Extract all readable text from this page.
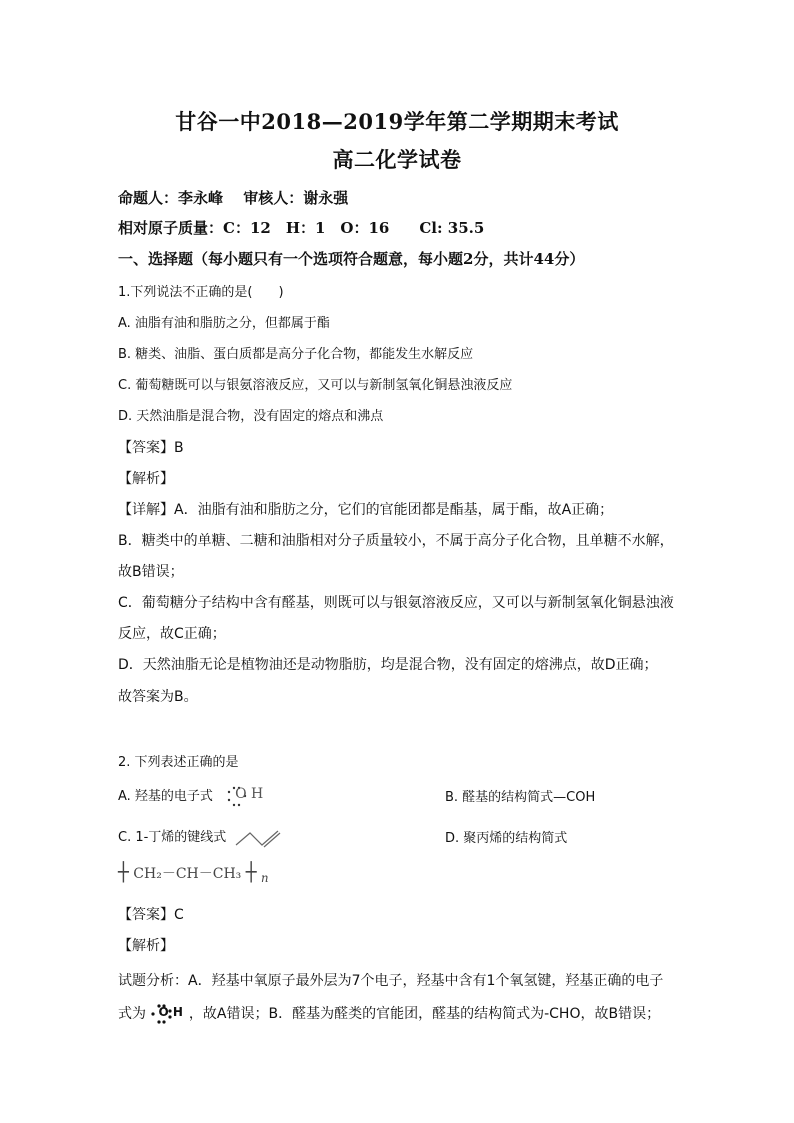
甘谷一中2018—2019学年第二学期期末考试
高二化学试卷
命题人：李永峰　 审核人：谢永强
相对原子质量：C：12　H：1　O：16　　Cl: 35.5
一、选择题（每小题只有一个选项符合题意，每小题2分，共计44分）
1.下列说法不正确的是(　　)
A. 油脂有油和脂肪之分，但都属于酯
B. 糖类、油脂、蛋白质都是高分子化合物，都能发生水解反应
C. 葡萄糖既可以与银氨溶液反应，又可以与新制氢氧化铜悬浊液反应
D. 天然油脂是混合物，没有固定的熔点和沸点
【答案】B
【解析】
【详解】A．油脂有油和脂肪之分，它们的官能团都是酯基，属于酯，故A正确；
B．糖类中的单糖、二糖和油脂相对分子质量较小，不属于高分子化合物，且单糖不水解，
故B错误；
C．葡萄糖分子结构中含有醛基，则既可以与银氨溶液反应，又可以与新制氢氧化铜悬浊液
反应，故C正确；
D．天然油脂无论是植物油还是动物脂肪，均是混合物，没有固定的熔沸点，故D正确；
故答案为B。
2. 下列表述正确的是
A. 羟基的电子式 O H	B. 醛基的结构简式—COH
C. 1-丁烯的键线式	D. 聚丙烯的结构简式
┼ CH₂－CH－CH₃ ┼ $_n$
【答案】C
【解析】
试题分析：A．羟基中氧原子最外层为7个电子，羟基中含有1个氧氢键，羟基正确的电子
式为 O H ，故A错误；B．醛基为醛类的官能团，醛基的结构简式为-CHO，故B错误；
